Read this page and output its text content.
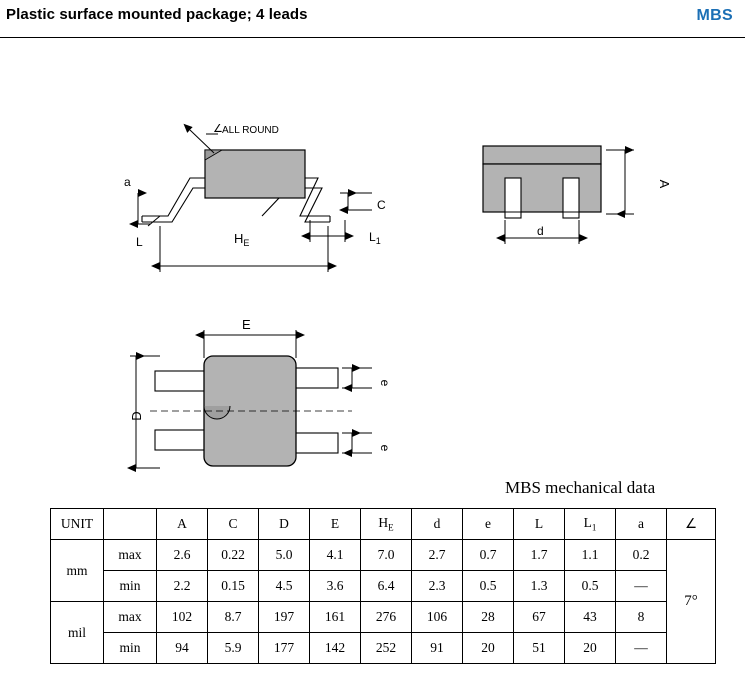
Plastic surface mounted package; 4 leads	MBS
∠ ALL ROUND
a
C
L	$L_1$
$H_E$
A
d
E
D
e
e
MBS mechanical data
UNIT		A	C	D	E	$H_E$	d	e	L	$L_1$	a	∠
mm	max	2.6	0.22	5.0	4.1	7.0	2.7	0.7	1.7	1.1	0.2	7°
	min	2.2	0.15	4.5	3.6	6.4	2.3	0.5	1.3	0.5	—	
mil	max	102	8.7	197	161	276	106	28	67	43	8	
	min	94	5.9	177	142	252	91	20	51	20	—	
